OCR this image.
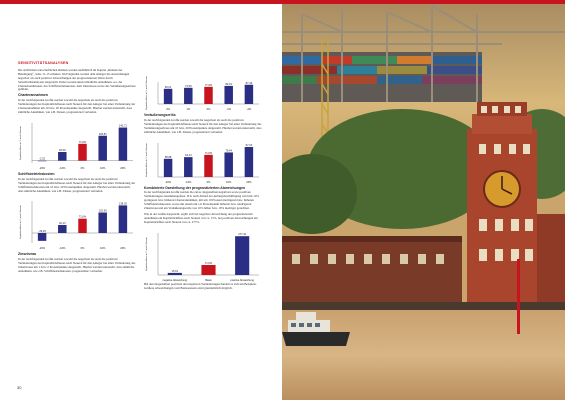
SENSITIVITÄTSANALYSEN

Die sichtlichen wirtschaftlichen Risiken werden ausführlich im Kapitel „Risiken der Beteiligung“, Seite 11-15 erläutert. Im Folgenden werden dem Anleger die Auswirkungen negativer als auch positiver Abweichungen der prognostizierten Werte durch Sensitivitätsanalysen dargestellt. Dabei werden unterschiedliche Annahmen, u.a. der Charterkonditionen, des Schiffsbetriebskosten, dem Zinsniveau sowie des Veräußerungserlöses gebildet.

Charterannahmen

In der nachfolgenden Grafik werden sowohl die negativen als auch die positiven Veränderungen des Kapitalrückflusses nach Steuern für den Anleger bei einer Veränderung der Charterannahmen um 10 bzw. 20 Prozentpunkte dargestellt. Hierbei werden unterstellt, dass sämtliche Annahmen, wie z.B. Zinsen, prognostiziert verlaufen.

Kapitalrückfluss in % nach Steuern	-2,32
-20%
36,69
-10%
71,6%
0%
105,81
10%
140,71
20%
Schiffsbetriebskosten

In der nachfolgenden Grafik werden sowohl die negativen als auch die positiven Veränderungen des Kapitalrückflusses nach Steuern für den Anleger bei einer Veränderung der Schiffsbetriebskosten um 10 bzw. 20 Prozentpunkte dargestellt. Hierbei werden unterstellt, dass sämtliche Annahmen, wie z.B. Zinsen, prognostiziert verlaufen.

Kapitalrückfluss in % nach Steuern	-39,25
-20%
40,13
-10%
71,6%
0%
102,36
10%
138,03
20%
Zinsniveau

In der nachfolgenden Grafik werden sowohl die negativen als auch die positiven Veränderungen des Kapitalrückflusses nach Steuern für den Anleger bei einer Veränderung des Zinsniveaus um 1 bzw. 2 Prozentpunkte dargestellt. Hierbei werden unterstellt, dass sämtliche Annahmen, wie z.B. Schiffsbetriebskosten, prognostiziert verlaufen.

Kapitalrückfluss in % nach Steuern	69,01
2%
73,59
1%
77,9%
0%
82,19
-1%
87,46
-2%
Veräußerungserlös

In der nachfolgenden Grafik werden sowohl die negativen als auch die positiven Veränderungen des Kapitalrückflusses nach Steuern für den Anleger bei einer Veränderung des Veräußerungserlöses um 10 bzw. 20 Prozentpunkte dargestellt. Hierbei werden unterstellt, dass sämtliche Annahmen, wie z.B. Zinsen, prognostiziert verlaufen.

Kapitalrückfluss in % nach Steuern	58,88
-20%
64,24
-10%
71,6%
0%
79,44
10%
97,03
20%
Kombinierte Darstellung der prognostizierten Abweichungen

In der nachfolgenden Grafik werden die zuvor dargestellten negativen sowie positiven Veränderungen zusammengefasst. D.h. nach Ablauf der Anfangsbeschäftigung wird mit 10% geringeren bzw. höheren Charterannahmen, mit um 10 Prozent niedrigeren bzw. höheren Schiffsbetriebskosten, sowie mit einem um 1,0 Prozentpunkt höheren bzw. niedrigeren Zinsniveau und ein Veräußerungserlös von 10% höher bzw. 10% niedriger gerechnet.

Wie in der Grafik dargestellt, ergibt sich bei negativer Abweichung der prognostizierten Annahmen ein Kapitalrückfluss nach Steuern von ca. 15%, bei positiven Abweichungen ein Kapitalrückfluss nach Steuern von ca. 277%.

Kapitalrückfluss in % nach Steuern
15,01
negative Abweichung
71,6%
Basis
277,32
positive Abweichung

Bei den dargestellten positiven und negativen Veränderungen handelt es sich um Beispiele. Größere Abweichungen vom Basisszenario sind grundsätzlich möglich.

30
